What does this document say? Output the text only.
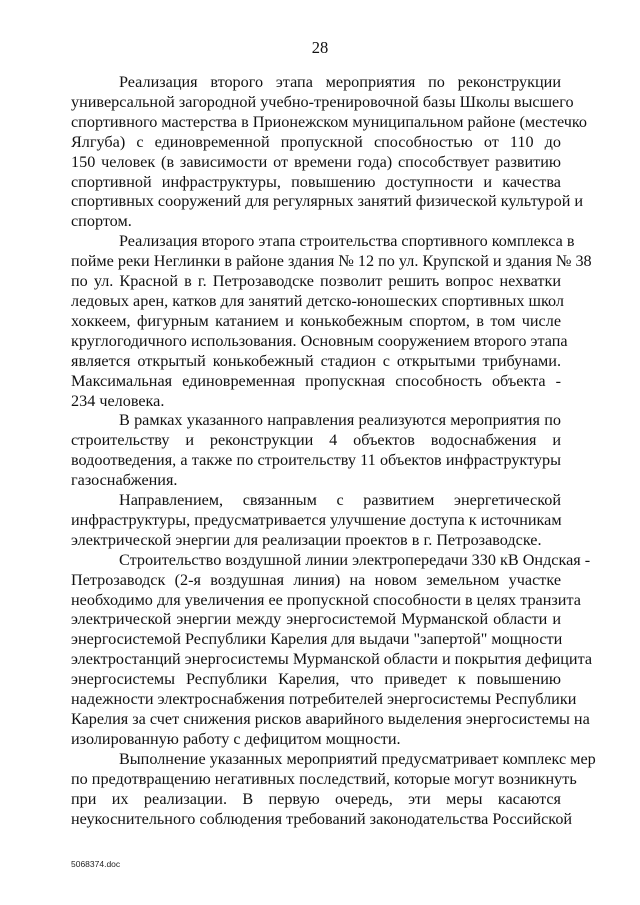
28
Реализация второго этапа мероприятия по реконструкции
универсальной загородной учебно-тренировочной базы Школы высшего
спортивного мастерства в Прионежском муниципальном районе (местечко
Ялгуба) с единовременной пропускной способностью от 110 до
150 человек (в зависимости от времени года) способствует развитию
спортивной инфраструктуры, повышению доступности и качества
спортивных сооружений для регулярных занятий физической культурой и
спортом.
Реализация второго этапа строительства спортивного комплекса в
пойме реки Неглинки в районе здания № 12 по ул. Крупской и здания № 38
по ул. Красной в г. Петрозаводске позволит решить вопрос нехватки
ледовых арен, катков для занятий детско-юношеских спортивных школ
хоккеем, фигурным катанием и конькобежным спортом, в том числе
круглогодичного использования. Основным сооружением второго этапа
является открытый конькобежный стадион с открытыми трибунами.
Максимальная единовременная пропускная способность объекта -
234 человека.
В рамках указанного направления реализуются мероприятия по
строительству и реконструкции 4 объектов водоснабжения и
водоотведения, а также по строительству 11 объектов инфраструктуры
газоснабжения.
Направлением, связанным с развитием энергетической
инфраструктуры, предусматривается улучшение доступа к источникам
электрической энергии для реализации проектов в г. Петрозаводске.
Строительство воздушной линии электропередачи 330 кВ Ондская -
Петрозаводск (2-я воздушная линия) на новом земельном участке
необходимо для увеличения ее пропускной способности в целях транзита
электрической энергии между энергосистемой Мурманской области и
энергосистемой Республики Карелия для выдачи "запертой" мощности
электростанций энергосистемы Мурманской области и покрытия дефицита
энергосистемы Республики Карелия, что приведет к повышению
надежности электроснабжения потребителей энергосистемы Республики
Карелия за счет снижения рисков аварийного выделения энергосистемы на
изолированную работу с дефицитом мощности.
Выполнение указанных мероприятий предусматривает комплекс мер
по предотвращению негативных последствий, которые могут возникнуть
при их реализации. В первую очередь, эти меры касаются
неукоснительного соблюдения требований законодательства Российской
5068374.doc
